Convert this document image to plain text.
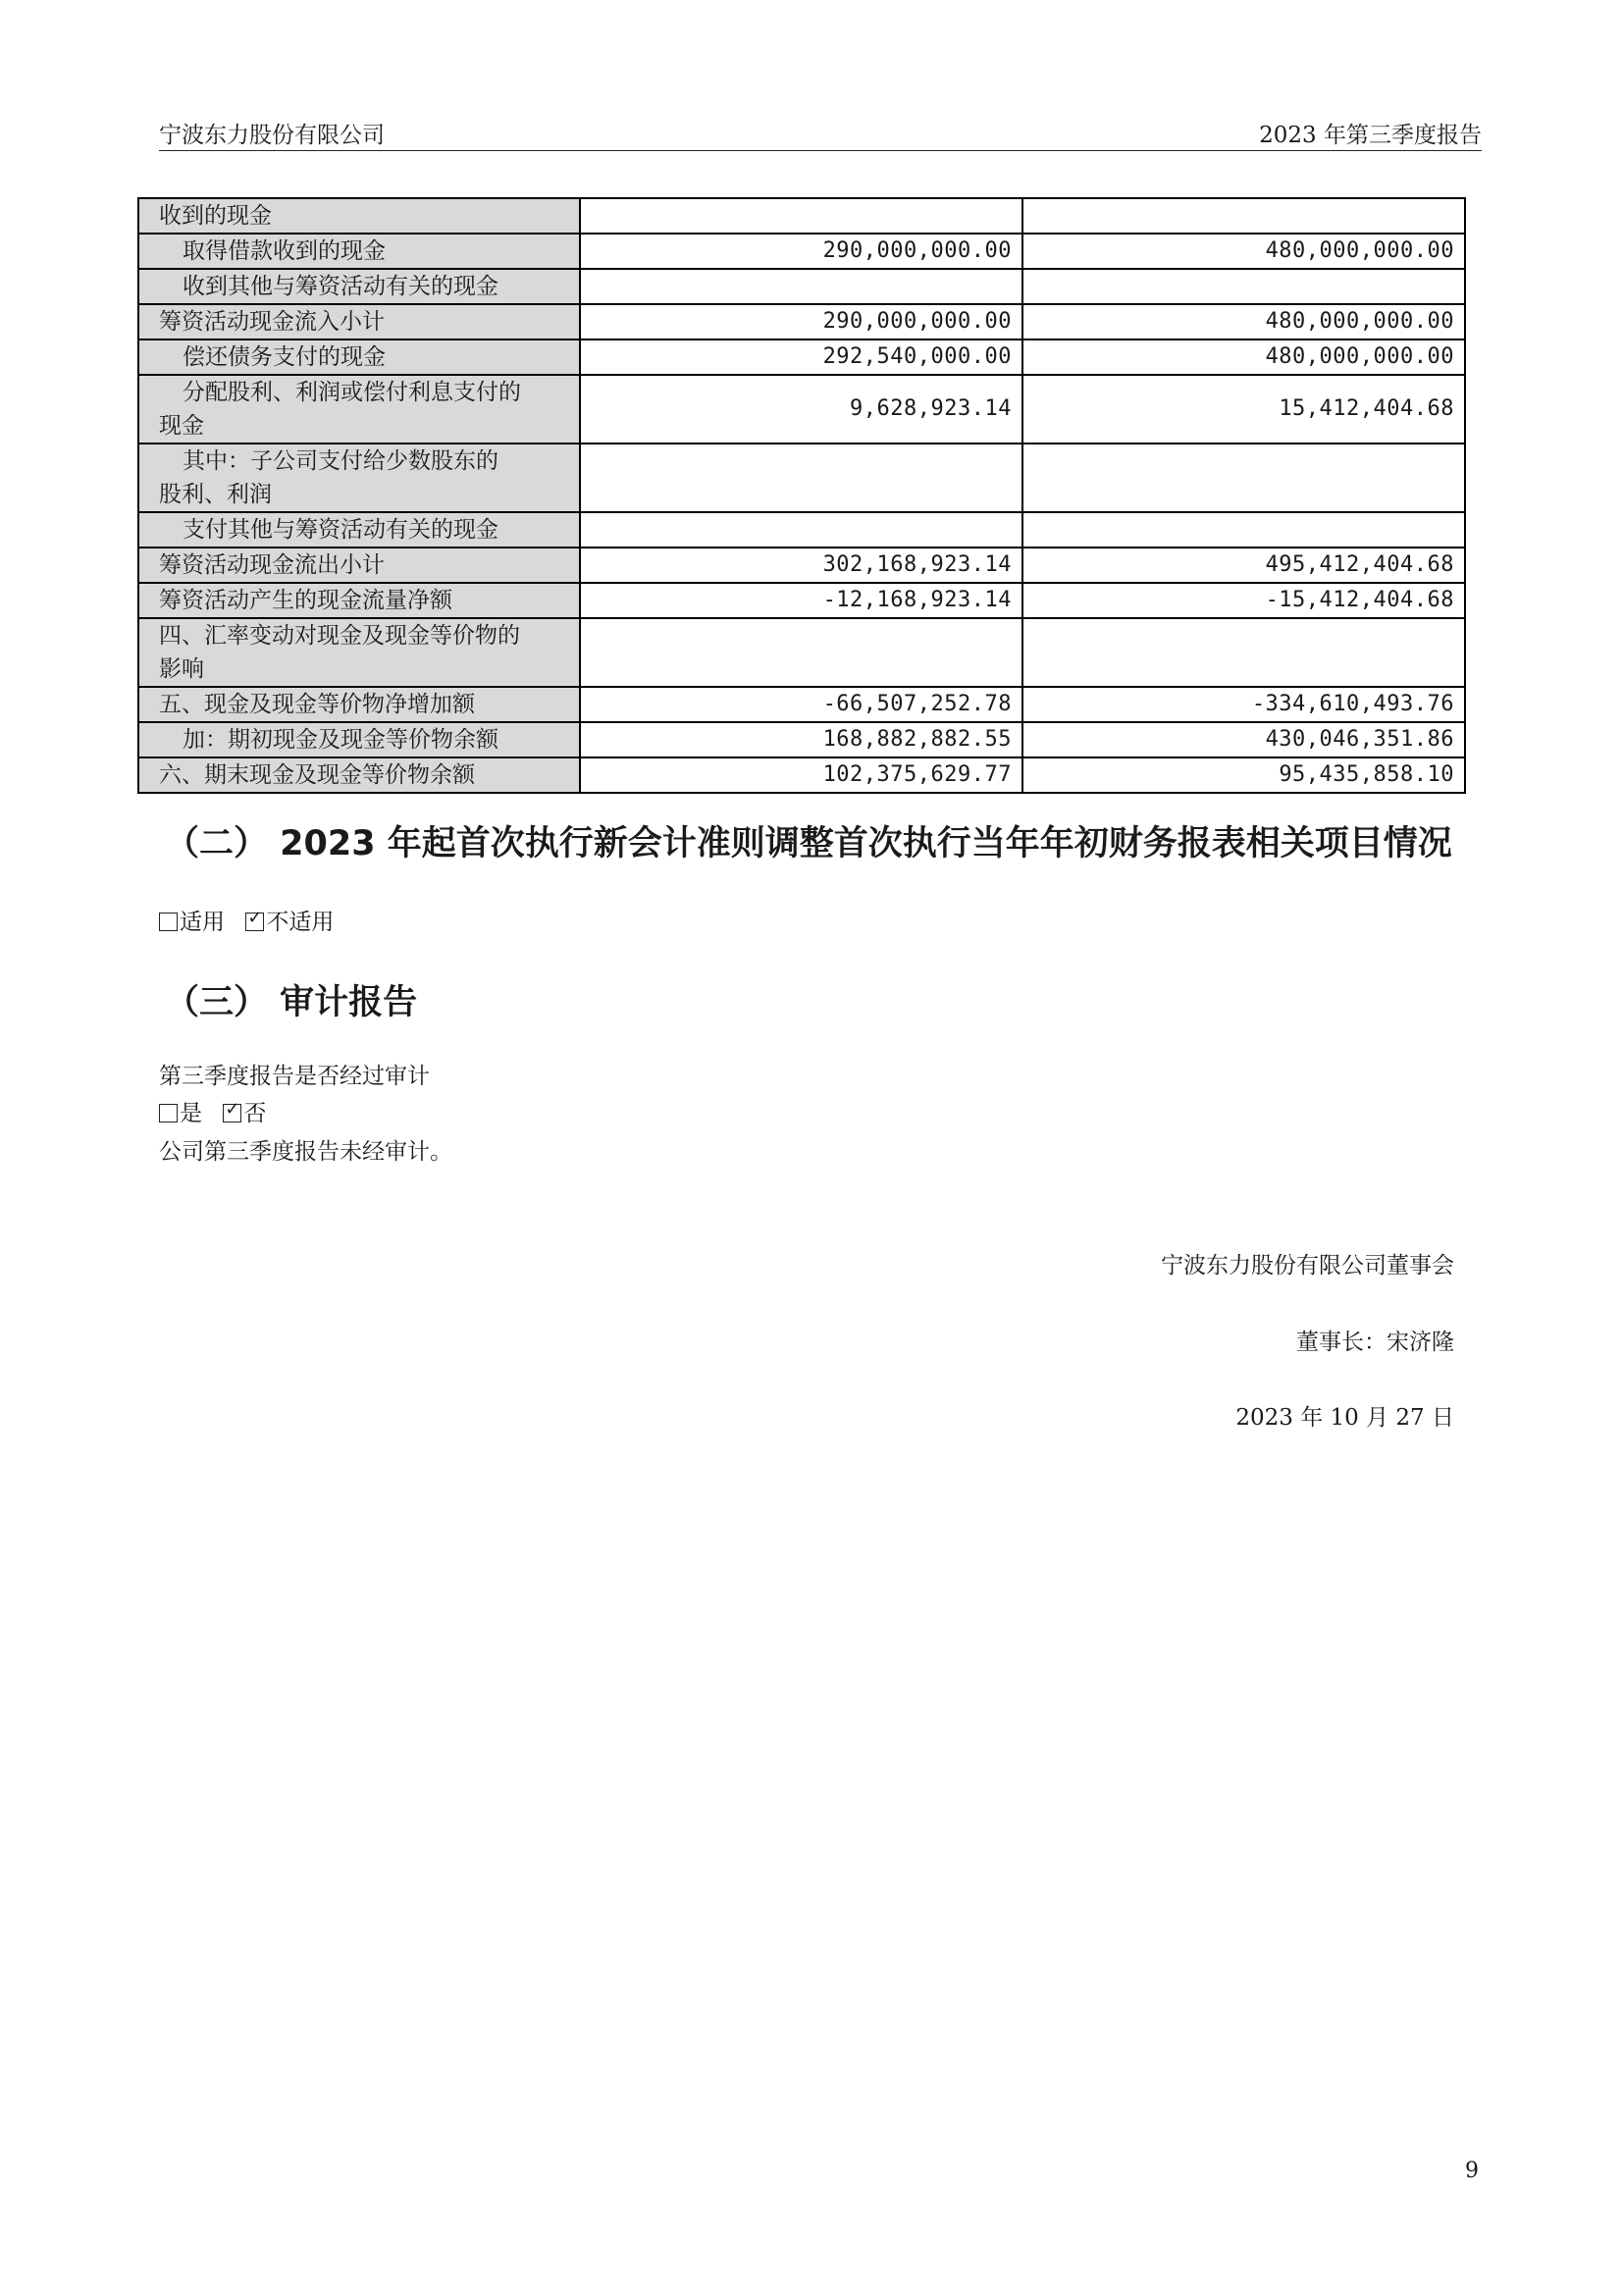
宁波东力股份有限公司	2023 年第三季度报告
收到的现金		
取得借款收到的现金	290,000,000.00	480,000,000.00
收到其他与筹资活动有关的现金		
筹资活动现金流入小计	290,000,000.00	480,000,000.00
偿还债务支付的现金	292,540,000.00	480,000,000.00

分配股利、利润或偿付利息支付的
现金	9,628,923.14	15,412,404.68

其中：子公司支付给少数股东的
股利、利润		

支付其他与筹资活动有关的现金		
筹资活动现金流出小计	302,168,923.14	495,412,404.68
筹资活动产生的现金流量净额	-12,168,923.14	-15,412,404.68

四、汇率变动对现金及现金等价物的
影响		

五、现金及现金等价物净增加额	-66,507,252.78	-334,610,493.76
加：期初现金及现金等价物余额	168,882,882.55	430,046,351.86
六、期末现金及现金等价物余额	102,375,629.77	95,435,858.10
（二） 2023 年起首次执行新会计准则调整首次执行当年年初财务报表相关项目情况
适用 ✓ 不适用
（三） 审计报告
第三季度报告是否经过审计
是 ✓ 否
公司第三季度报告未经审计。
宁波东力股份有限公司董事会
董事长：宋济隆
2023 年 10 月 27 日
9
